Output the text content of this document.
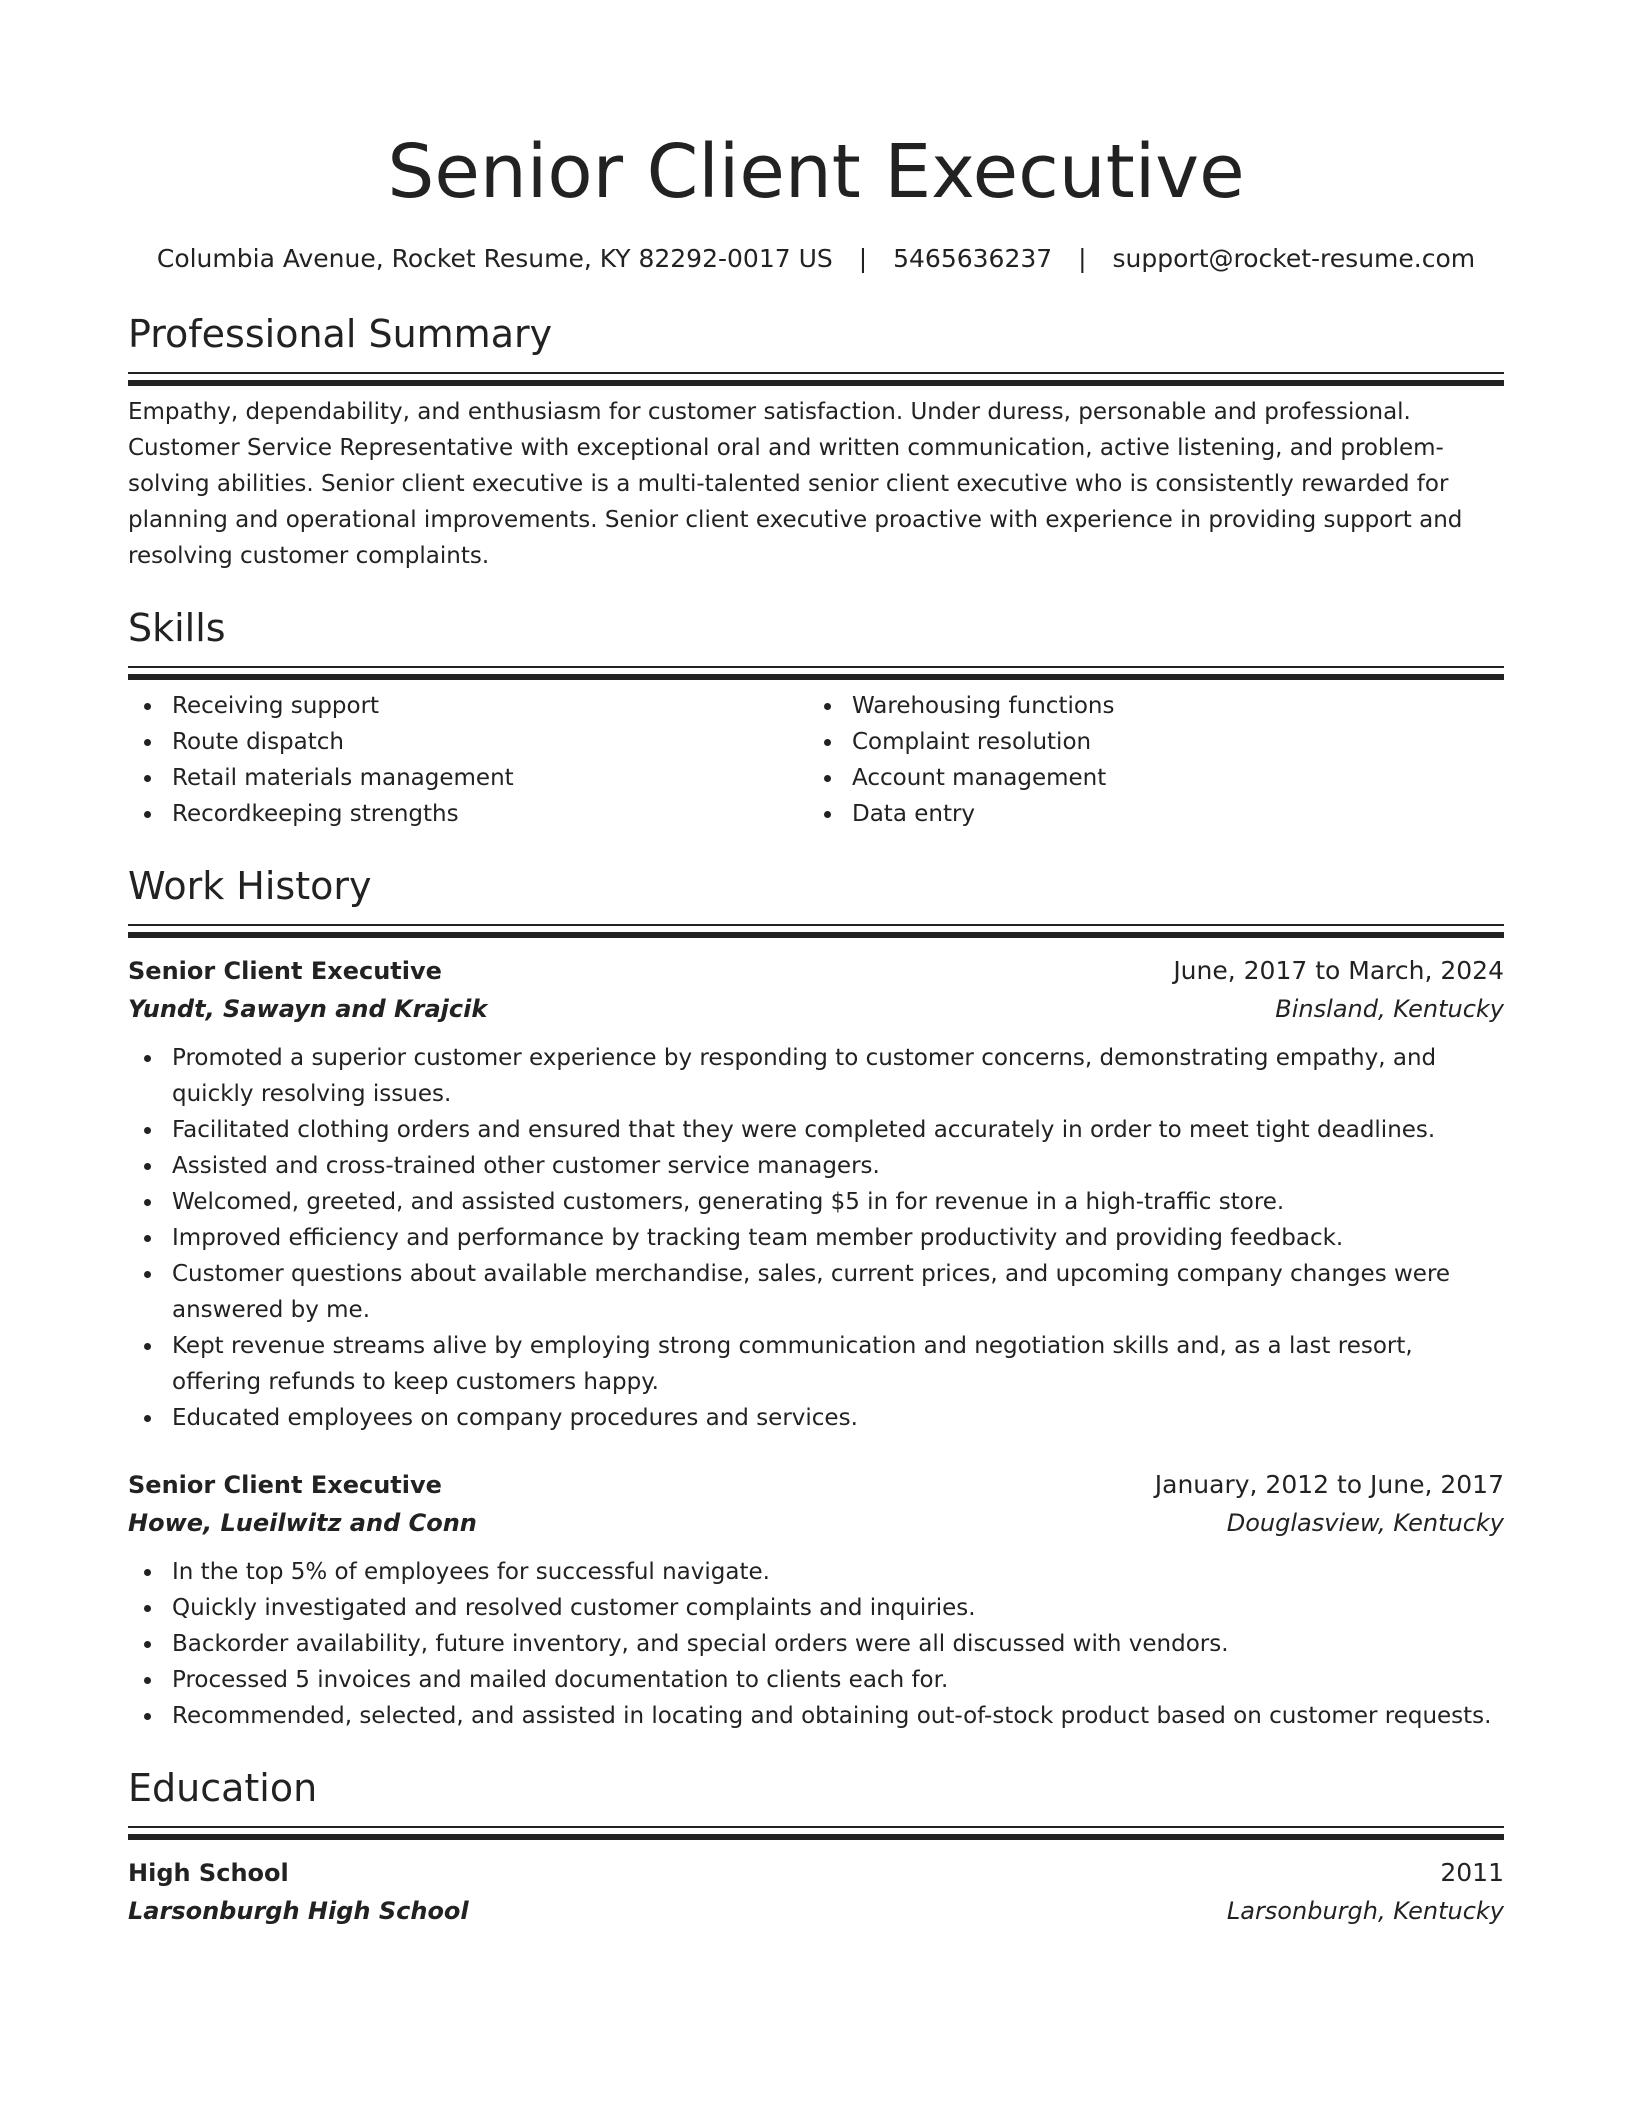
Senior Client Executive
Columbia Avenue, Rocket Resume, KY 82292-0017 US | 5465636237 | support@rocket-resume.com
Professional Summary

Empathy, dependability, and enthusiasm for customer satisfaction. Under duress, personable and professional. Customer Service Representative with exceptional oral and written communication, active listening, and problem-solving abilities. Senior client executive is a multi-talented senior client executive who is consistently rewarded for planning and operational improvements. Senior client executive proactive with experience in providing support and resolving customer complaints.

Skills
Receiving support
Route dispatch
Retail materials management
Recordkeeping strengths
Warehousing functions
Complaint resolution
Account management
Data entry
Work History
Senior Client Executive	June, 2017 to March, 2024
Yundt, Sawayn and Krajcik	Binsland, Kentucky
Promoted a superior customer experience by responding to customer concerns, demonstrating empathy, and quickly resolving issues.
Facilitated clothing orders and ensured that they were completed accurately in order to meet tight deadlines.
Assisted and cross-trained other customer service managers.
Welcomed, greeted, and assisted customers, generating $5 in for revenue in a high-traffic store.
Improved efficiency and performance by tracking team member productivity and providing feedback.
Customer questions about available merchandise, sales, current prices, and upcoming company changes were answered by me.
Kept revenue streams alive by employing strong communication and negotiation skills and, as a last resort, offering refunds to keep customers happy.
Educated employees on company procedures and services.
Senior Client Executive	January, 2012 to June, 2017
Howe, Lueilwitz and Conn	Douglasview, Kentucky
In the top 5% of employees for successful navigate.
Quickly investigated and resolved customer complaints and inquiries.
Backorder availability, future inventory, and special orders were all discussed with vendors.
Processed 5 invoices and mailed documentation to clients each for.
Recommended, selected, and assisted in locating and obtaining out-of-stock product based on customer requests.
Education
High School	2011
Larsonburgh High School	Larsonburgh, Kentucky
